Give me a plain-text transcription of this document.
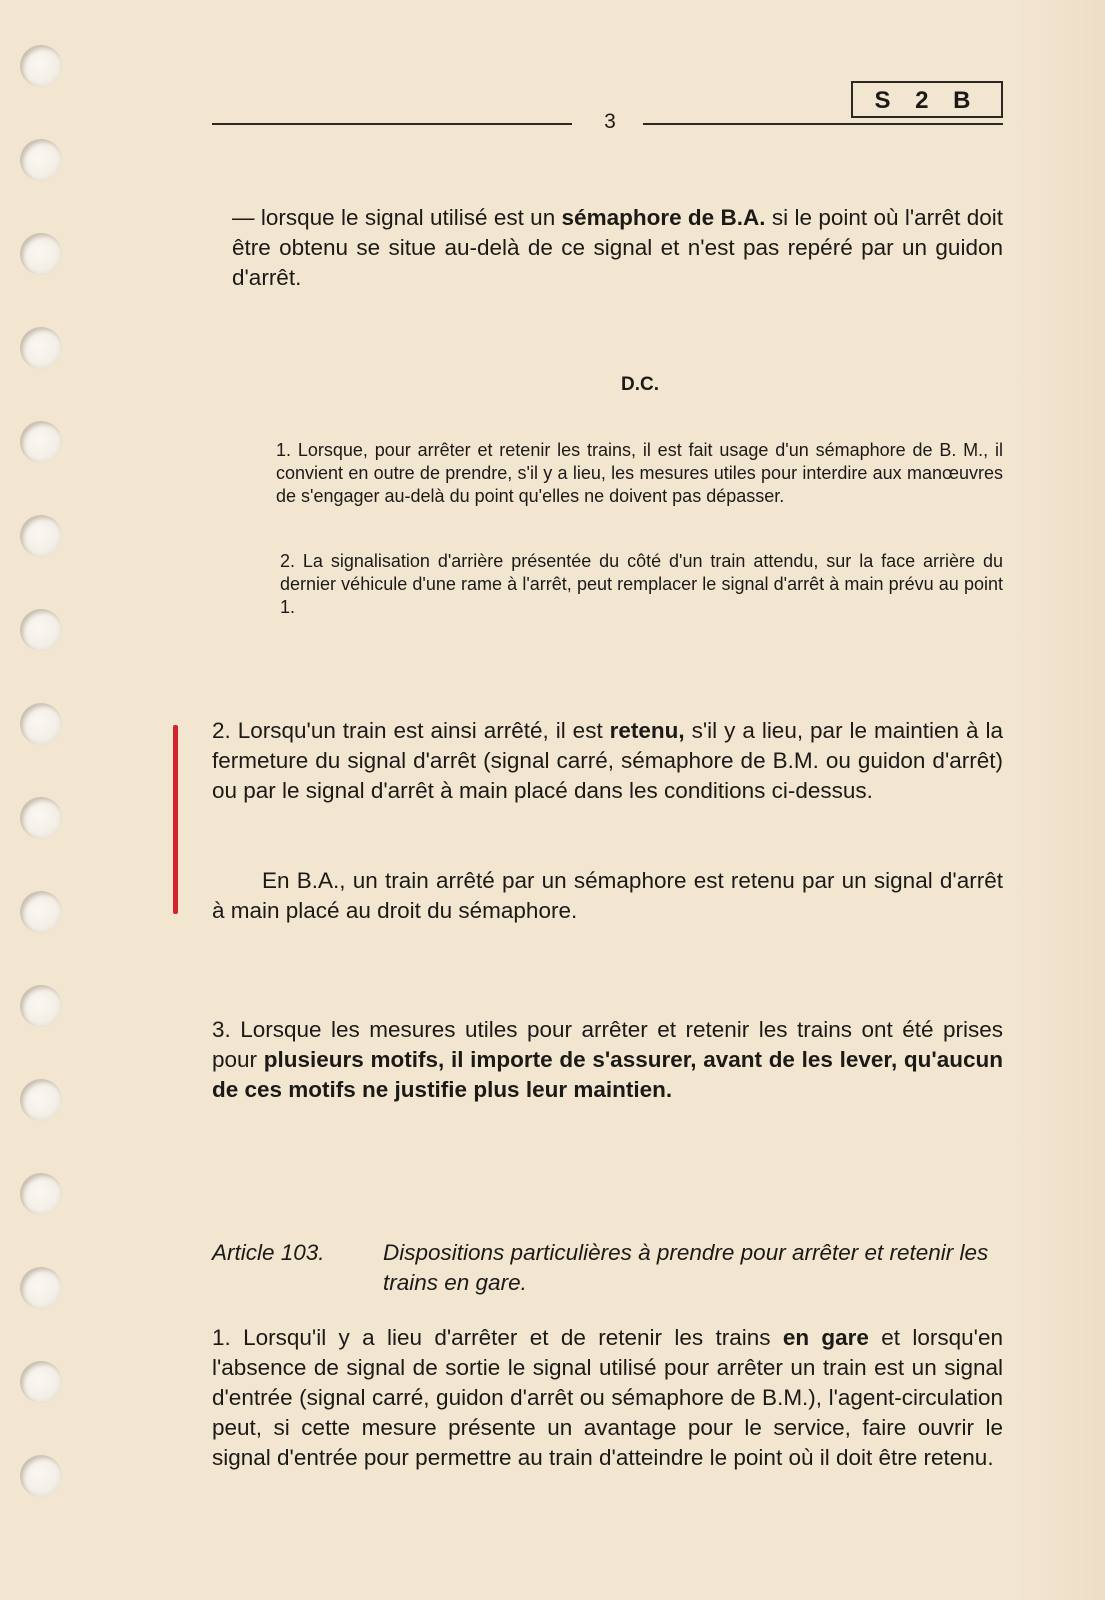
3
S 2 B

— lorsque le signal utilisé est un sémaphore de B.A. si le point où l'arrêt doit être obtenu se situe au-delà de ce signal et n'est pas repéré par un guidon d'arrêt.

D.C.

1. Lorsque, pour arrêter et retenir les trains, il est fait usage d'un sémaphore de B. M., il convient en outre de prendre, s'il y a lieu, les mesures utiles pour interdire aux manœuvres de s'engager au-delà du point qu'elles ne doivent pas dépasser.

2. La signalisation d'arrière présentée du côté d'un train attendu, sur la face arrière du dernier véhicule d'une rame à l'arrêt, peut remplacer le signal d'arrêt à main prévu au point 1.

2. Lorsqu'un train est ainsi arrêté, il est retenu, s'il y a lieu, par le maintien à la fermeture du signal d'arrêt (signal carré, sémaphore de B.M. ou guidon d'arrêt) ou par le signal d'arrêt à main placé dans les conditions ci-dessus.

En B.A., un train arrêté par un sémaphore est retenu par un signal d'arrêt à main placé au droit du sémaphore.

3. Lorsque les mesures utiles pour arrêter et retenir les trains ont été prises pour plusieurs motifs, il importe de s'assurer, avant de les lever, qu'aucun de ces motifs ne justifie plus leur maintien.

Article 103.	Dispositions particulières à prendre pour arrêter et retenir les trains en gare.

1. Lorsqu'il y a lieu d'arrêter et de retenir les trains en gare et lorsqu'en l'absence de signal de sortie le signal utilisé pour arrêter un train est un signal d'entrée (signal carré, guidon d'arrêt ou sémaphore de B.M.), l'agent-circulation peut, si cette mesure présente un avantage pour le service, faire ouvrir le signal d'entrée pour permettre au train d'atteindre le point où il doit être retenu.
